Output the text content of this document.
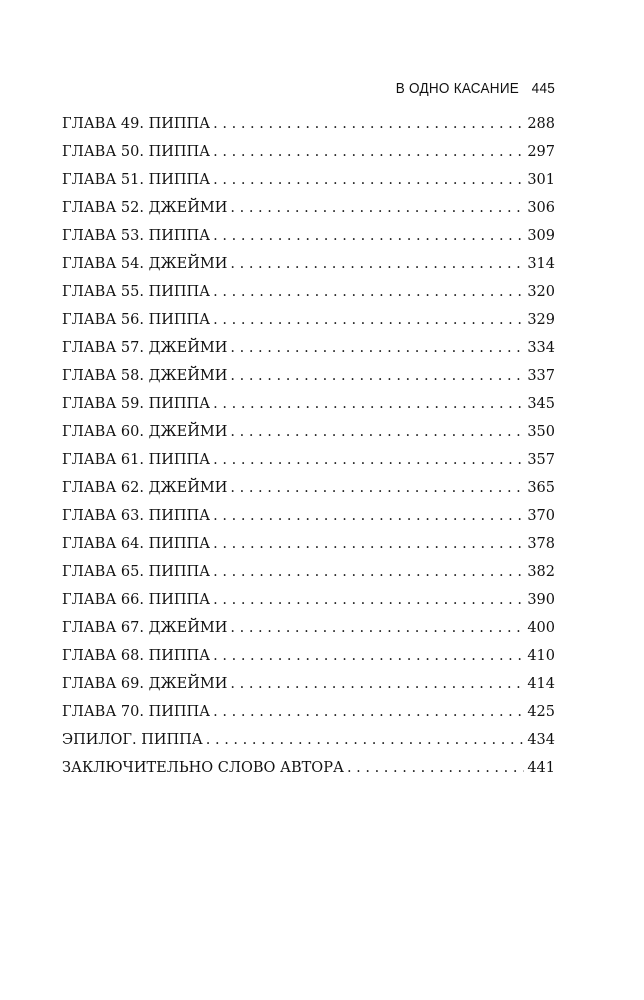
В ОДНО КАСАНИЕ 445
ГЛАВА 49. ПИППА . . .	288
ГЛАВА 50. ПИППА . . .	297
ГЛАВА 51. ПИППА . . .	301
ГЛАВА 52. ДЖЕЙМИ . . .	306
ГЛАВА 53. ПИППА . . .	309
ГЛАВА 54. ДЖЕЙМИ . . .	314
ГЛАВА 55. ПИППА . . .	320
ГЛАВА 56. ПИППА . . .	329
ГЛАВА 57. ДЖЕЙМИ . . .	334
ГЛАВА 58. ДЖЕЙМИ . . .	337
ГЛАВА 59. ПИППА . . .	345
ГЛАВА 60. ДЖЕЙМИ . . .	350
ГЛАВА 61. ПИППА . . .	357
ГЛАВА 62. ДЖЕЙМИ . . .	365
ГЛАВА 63. ПИППА . . .	370
ГЛАВА 64. ПИППА . . .	378
ГЛАВА 65. ПИППА . . .	382
ГЛАВА 66. ПИППА . . .	390
ГЛАВА 67. ДЖЕЙМИ . . .	400
ГЛАВА 68. ПИППА . . .	410
ГЛАВА 69. ДЖЕЙМИ . . .	414
ГЛАВА 70. ПИППА . . .	425
ЭПИЛОГ. ПИППА . . .	434
ЗАКЛЮЧИТЕЛЬНО СЛОВО АВТОРА . . .	441
